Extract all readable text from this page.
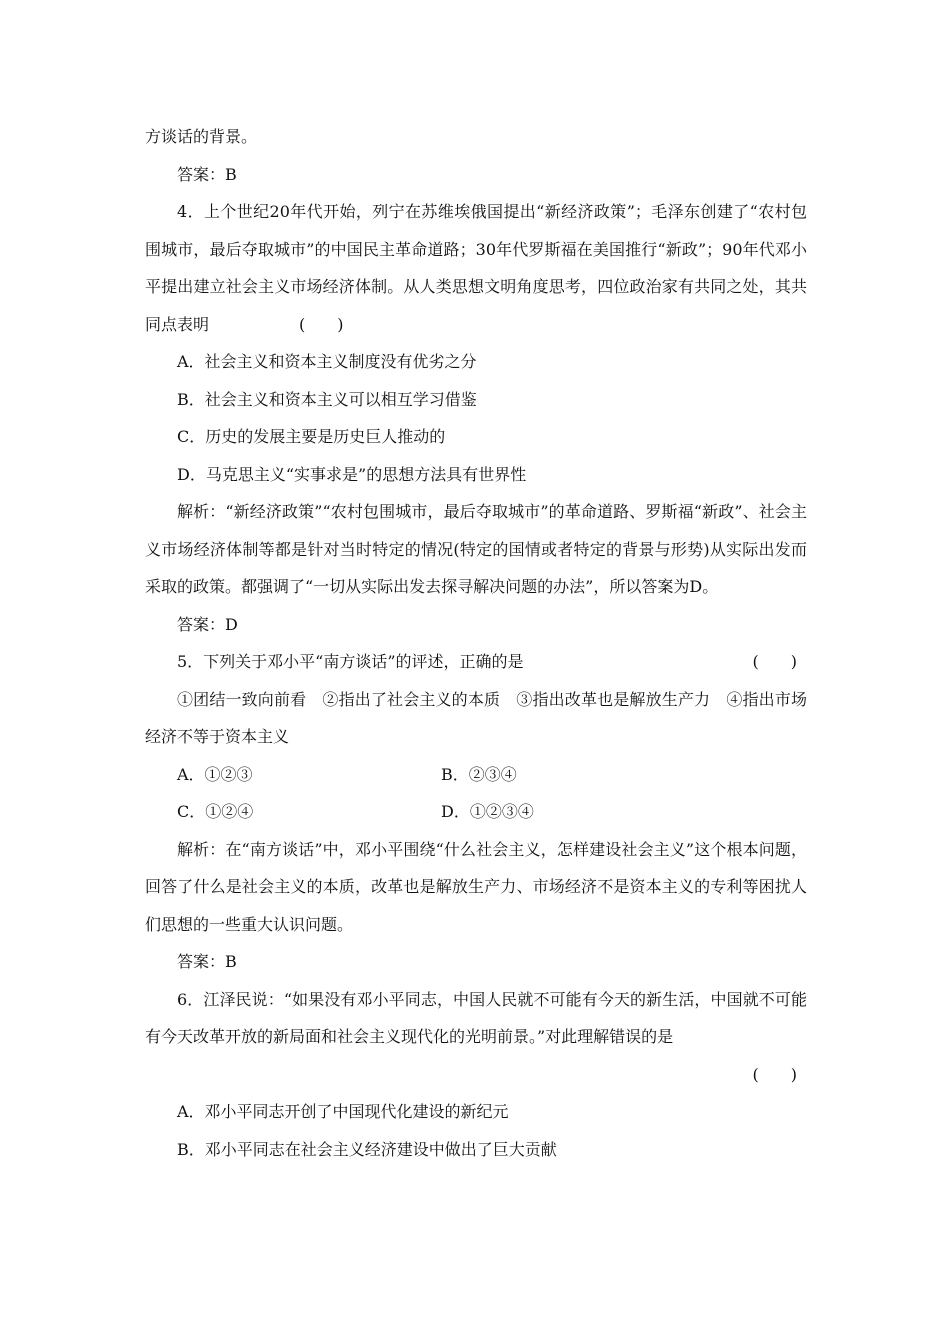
方谈话的背景。
答案：B
4．上个世纪20年代开始，列宁在苏维埃俄国提出“新经济政策”；毛泽东创建了“农村包围城市，最后夺取城市”的中国民主革命道路；30年代罗斯福在美国推行“新政”；90年代邓小平提出建立社会主义市场经济体制。从人类思想文明角度思考，四位政治家有共同之处，其共同点表明	(　　)
A．社会主义和资本主义制度没有优劣之分
B．社会主义和资本主义可以相互学习借鉴
C．历史的发展主要是历史巨人推动的
D．马克思主义“实事求是”的思想方法具有世界性
解析：“新经济政策”“农村包围城市，最后夺取城市”的革命道路、罗斯福“新政”、社会主义市场经济体制等都是针对当时特定的情况(特定的国情或者特定的背景与形势)从实际出发而采取的政策。都强调了“一切从实际出发去探寻解决问题的办法”，所以答案为D。
答案：D
5．下列关于邓小平“南方谈话”的评述，正确的是	(　　)
①团结一致向前看　②指出了社会主义的本质　③指出改革也是解放生产力　④指出市场经济不等于资本主义
A．①②③	B．②③④
C．①②④	D．①②③④
解析：在“南方谈话”中，邓小平围绕“什么社会主义，怎样建设社会主义”这个根本问题，回答了什么是社会主义的本质，改革也是解放生产力、市场经济不是资本主义的专利等困扰人们思想的一些重大认识问题。
答案：B
6．江泽民说：“如果没有邓小平同志，中国人民就不可能有今天的新生活，中国就不可能有今天改革开放的新局面和社会主义现代化的光明前景。”对此理解错误的是
(　　)
A．邓小平同志开创了中国现代化建设的新纪元
B．邓小平同志在社会主义经济建设中做出了巨大贡献
